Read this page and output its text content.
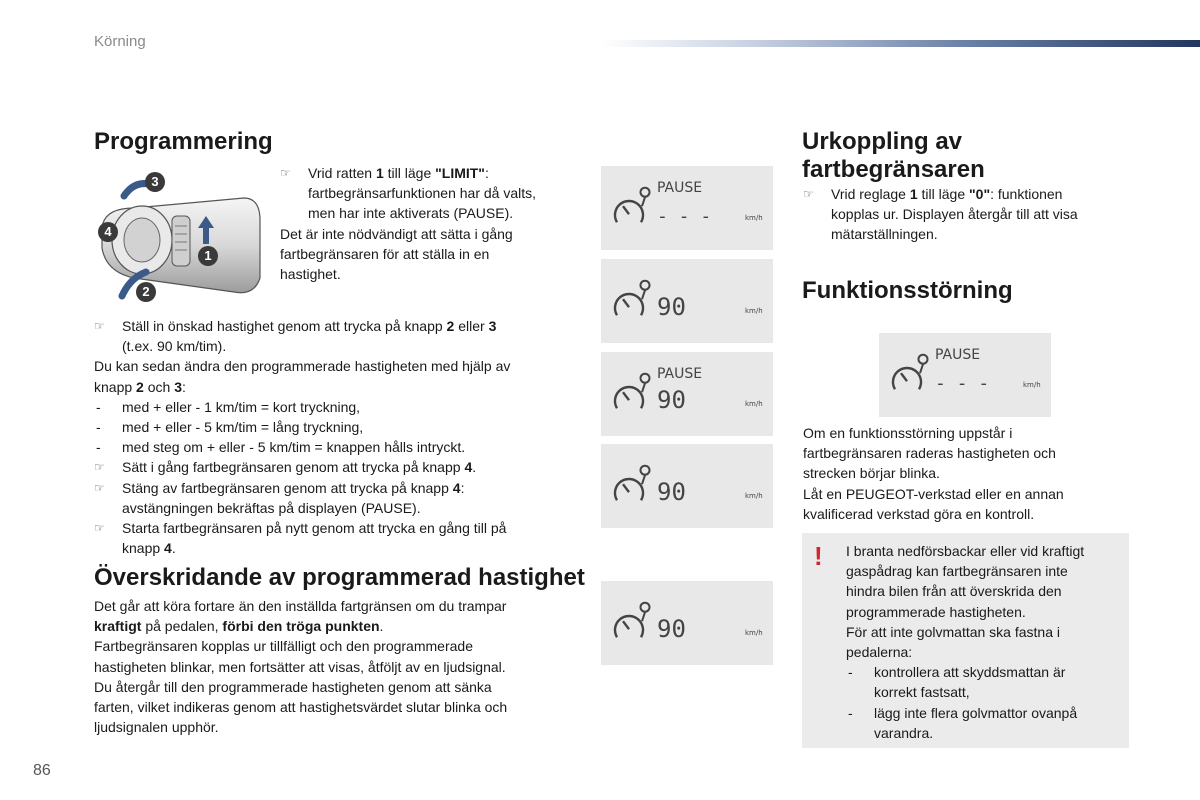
Körning
Programmering
3
4
1
2
☞ Vrid ratten 1 till läge "LIMIT":
fartbegränsarfunktionen har då valts,
men har inte aktiverats (PAUSE).
Det är inte nödvändigt att sätta i gång
fartbegränsaren för att ställa in en
hastighet.
☞ Ställ in önskad hastighet genom att trycka på knapp 2 eller 3
(t.ex. 90 km/tim).
Du kan sedan ändra den programmerade hastigheten med hjälp av
knapp 2 och 3:
- med + eller - 1 km/tim = kort tryckning,
- med + eller - 5 km/tim = lång tryckning,
- med steg om + eller - 5 km/tim = knappen hålls intryckt.
☞ Sätt i gång fartbegränsaren genom att trycka på knapp 4.
☞ Stäng av fartbegränsaren genom att trycka på knapp 4:
avstängningen bekräftas på displayen (PAUSE).
☞ Starta fartbegränsaren på nytt genom att trycka en gång till på
knapp 4.
Överskridande av programmerad hastighet
Det går att köra fortare än den inställda fartgränsen om du trampar
kraftigt på pedalen, förbi den tröga punkten.
Fartbegränsaren kopplas ur tillfälligt och den programmerade
hastigheten blinkar, men fortsätter att visas, åtföljt av en ljudsignal.
Du återgår till den programmerade hastigheten genom att sänka
farten, vilket indikeras genom att hastighetsvärdet slutar blinka och
ljudsignalen upphör.
PAUSE
- - -	km/h
90	km/h
PAUSE
90	km/h
90	km/h
90	km/h
Urkoppling av
fartbegränsaren
☞ Vrid reglage 1 till läge "0": funktionen
kopplas ur. Displayen återgår till att visa
mätarställningen.
Funktionsstörning
PAUSE
- - -	km/h
Om en funktionsstörning uppstår i
fartbegränsaren raderas hastigheten och
strecken börjar blinka.
Låt en PEUGEOT-verkstad eller en annan
kvalificerad verkstad göra en kontroll.
! I branta nedförsbackar eller vid kraftigt
gaspådrag kan fartbegränsaren inte
hindra bilen från att överskrida den
programmerade hastigheten.
För att inte golvmattan ska fastna i
pedalerna:
- kontrollera att skyddsmattan är
korrekt fastsatt,
- lägg inte flera golvmattor ovanpå
varandra.
86
